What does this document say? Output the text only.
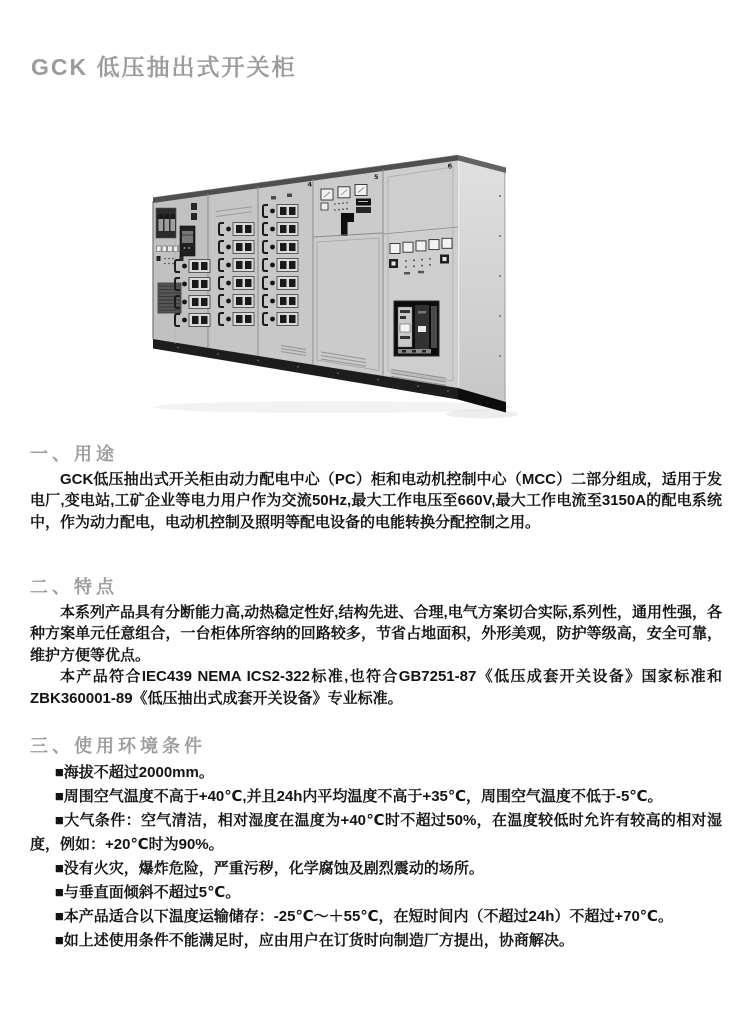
GCK 低压抽出式开关柜
4
5
6
一、用途

GCK低压抽出式开关柜由动力配电中心（PC）柜和电动机控制中心（MCC）二部分组成，适用于发电厂,变电站,工矿企业等电力用户作为交流50Hz,最大工作电压至660V,最大工作电流至3150A的配电系统中，作为动力配电，电动机控制及照明等配电设备的电能转换分配控制之用。

二、特点

本系列产品具有分断能力高,动热稳定性好,结构先进、合理,电气方案切合实际,系列性，通用性强，各种方案单元任意组合，一台柜体所容纳的回路较多，节省占地面积，外形美观，防护等级高，安全可靠，维护方便等优点。

本产品符合IEC439 NEMA ICS2-322标准,也符合GB7251-87《低压成套开关设备》国家标准和ZBK360001-89《低压抽出式成套开关设备》专业标准。

三、使用环境条件

■海拔不超过2000mm。

■周围空气温度不高于+40℃,并且24h内平均温度不高于+35℃，周围空气温度不低于-5℃。

■大气条件：空气清洁，相对湿度在温度为+40℃时不超过50%，在温度较低时允许有较高的相对湿度，例如：+20℃时为90%。

■没有火灾，爆炸危险，严重污秽，化学腐蚀及剧烈震动的场所。

■与垂直面倾斜不超过5℃。

■本产品适合以下温度运输储存：-25℃～＋55℃，在短时间内（不超过24h）不超过+70℃。

■如上述使用条件不能满足时，应由用户在订货时向制造厂方提出，协商解决。
